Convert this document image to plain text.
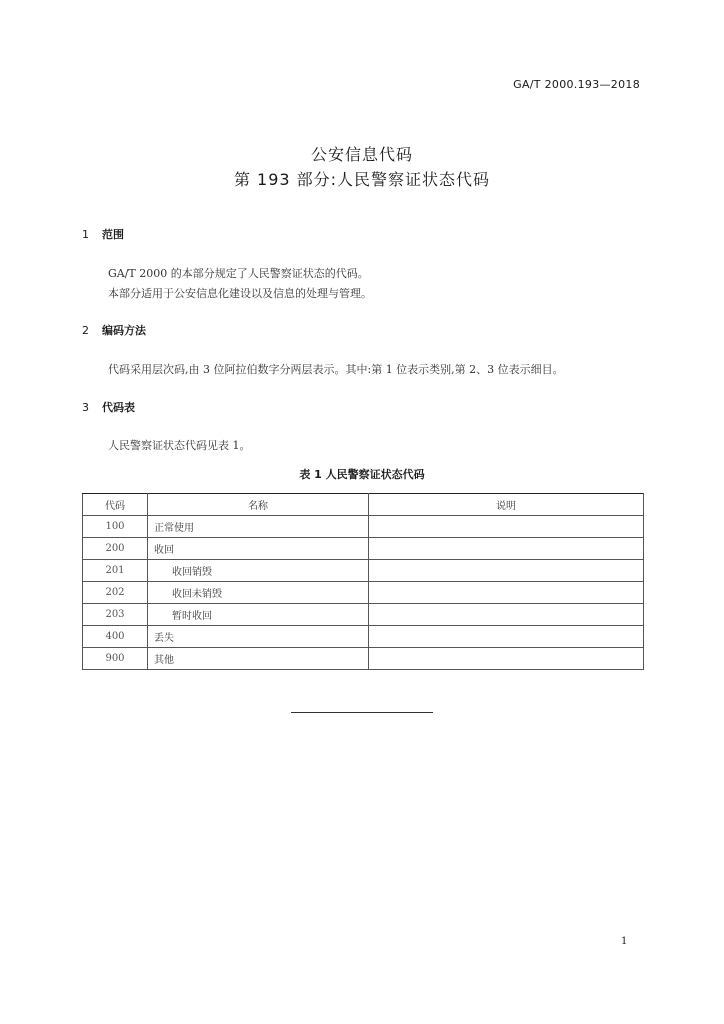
GA/T 2000.193—2018
公安信息代码
第 193 部分:人民警察证状态代码
1 范围
GA/T 2000 的本部分规定了人民警察证状态的代码。
本部分适用于公安信息化建设以及信息的处理与管理。
2 编码方法
代码采用层次码,由 3 位阿拉伯数字分两层表示。其中:第 1 位表示类别,第 2、3 位表示细目。
3 代码表
人民警察证状态代码见表 1。
表 1 人民警察证状态代码
代码	名称	说明
100	正常使用	
200	收回	
201	收回销毁	
202	收回未销毁	
203	暂时收回	
400	丢失	
900	其他	
1
